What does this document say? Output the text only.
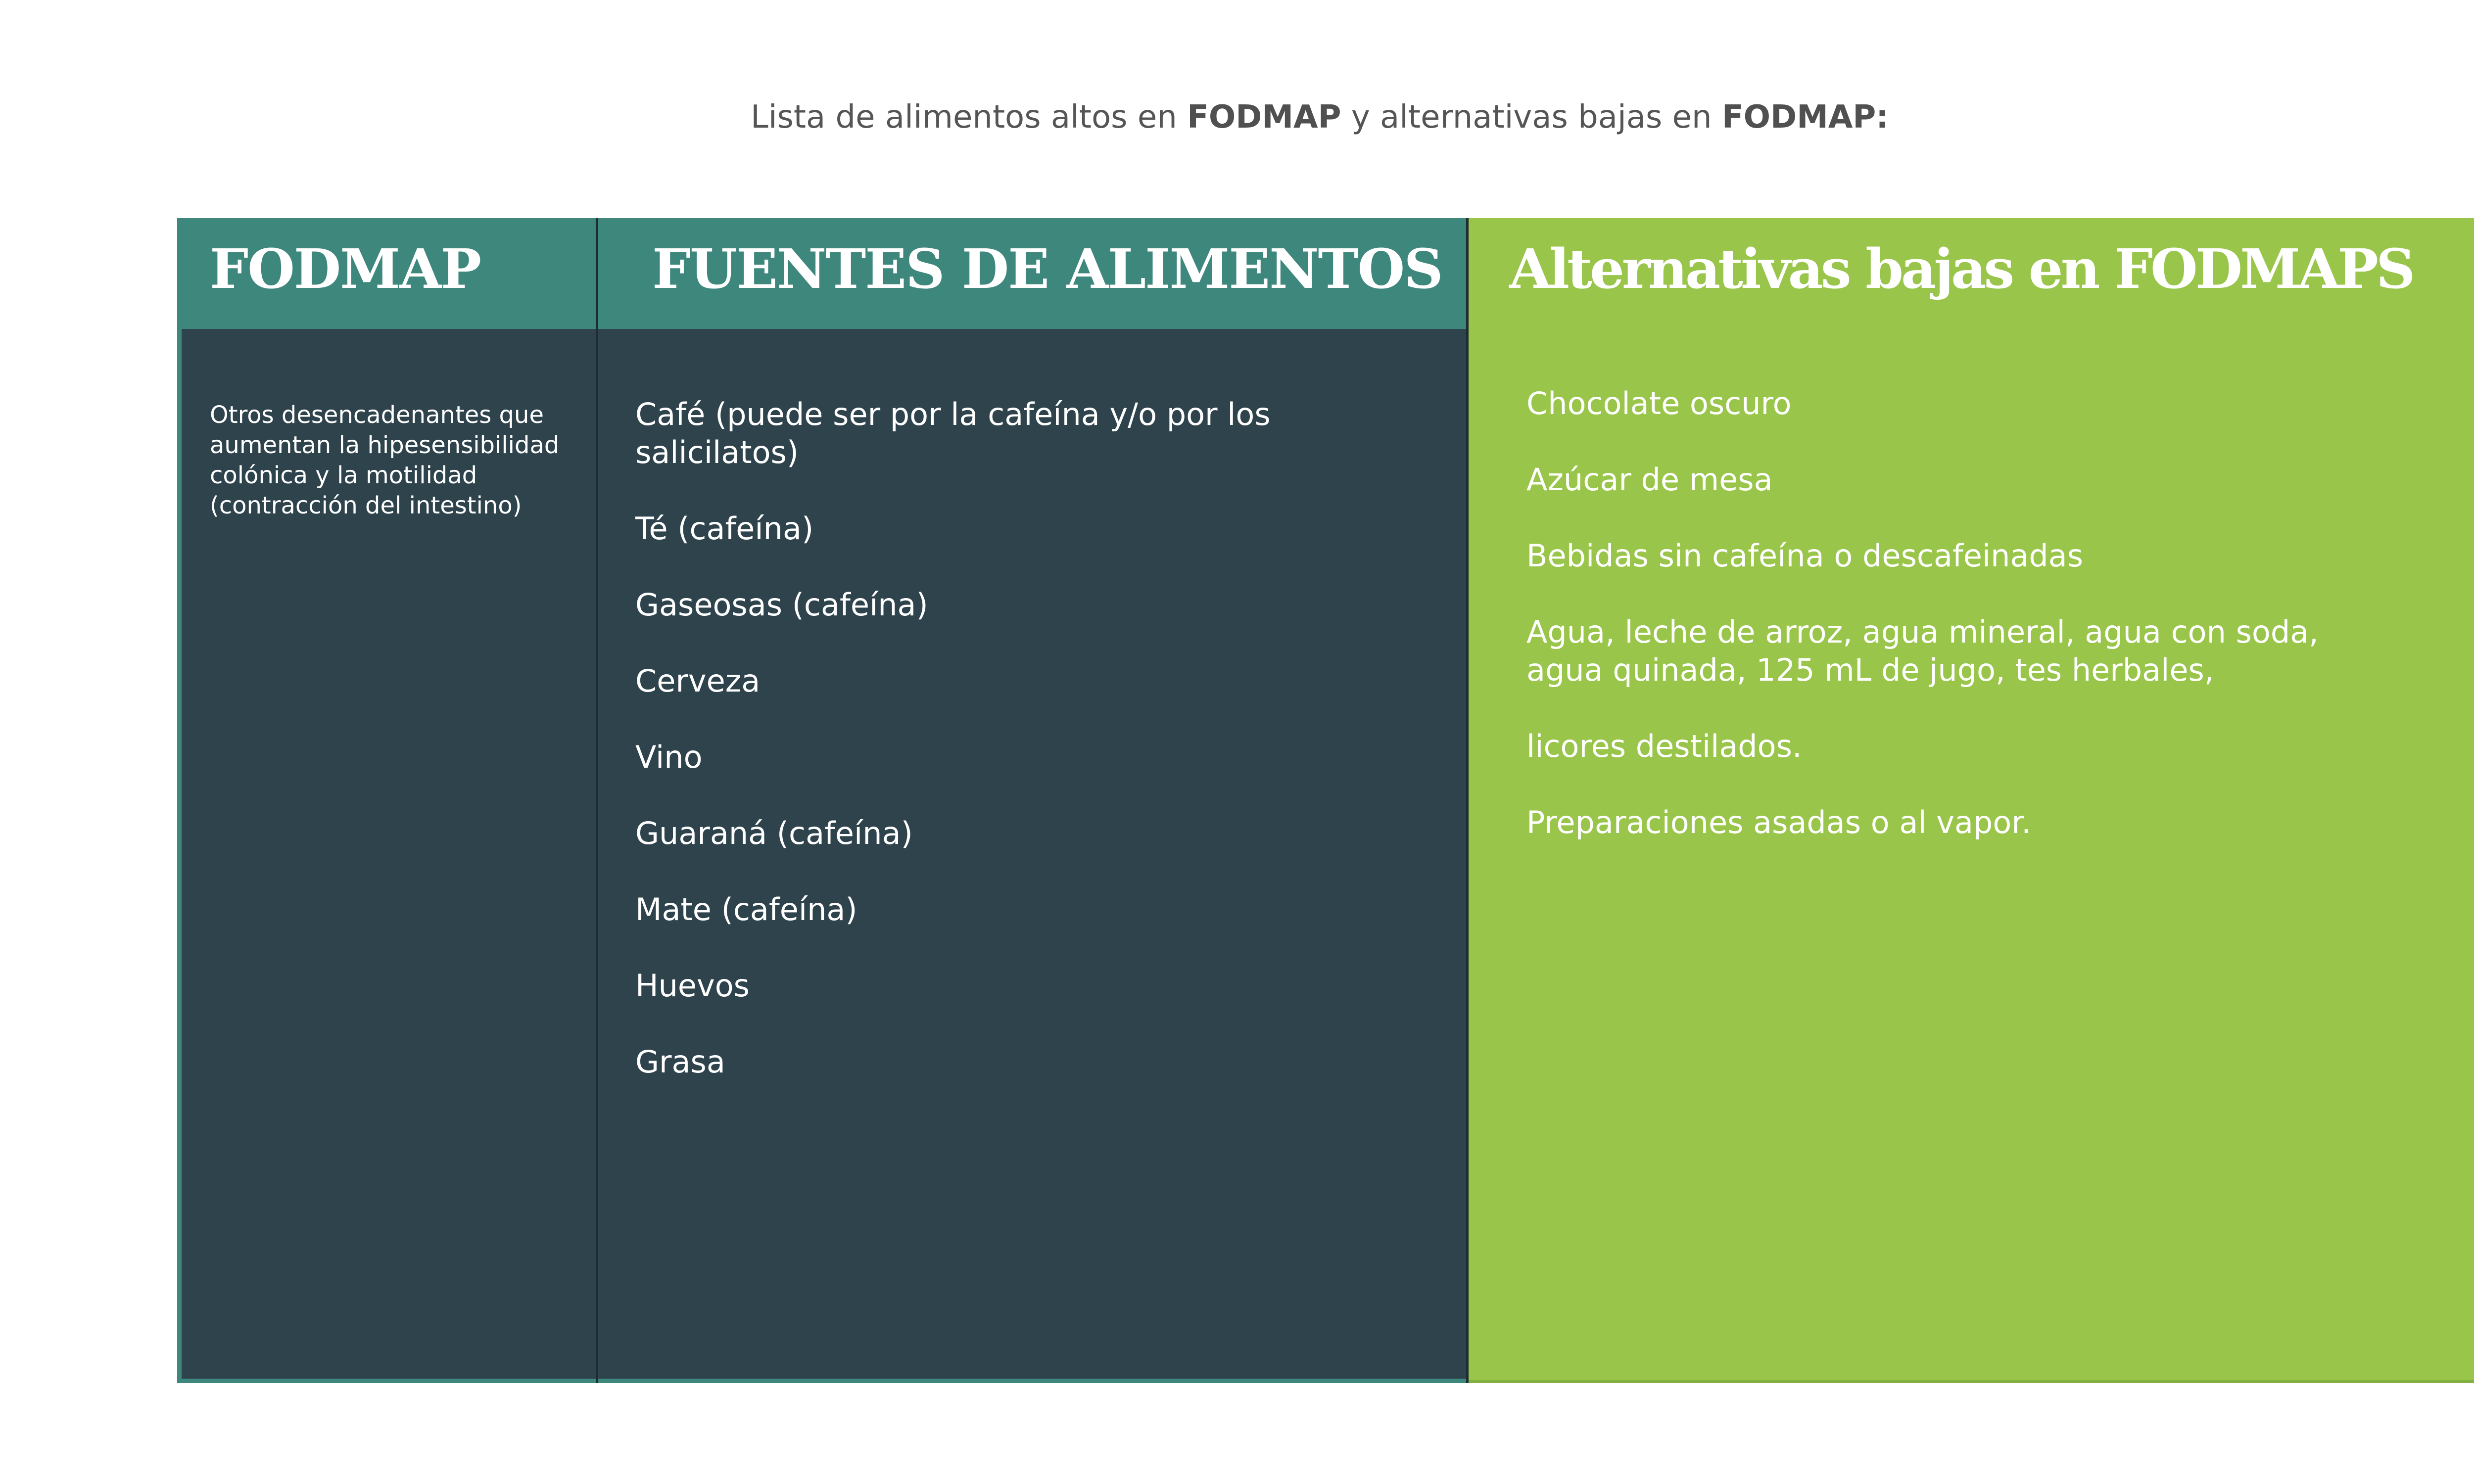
Lista de alimentos altos en FODMAP y alternativas bajas en FODMAP:
FODMAP	FUENTES DE ALIMENTOS Alternativas bajas en FODMAPS
Otros desencadenantes que aumentan la hipesensibilidad colónica y la motilidad (contracción del intestino)
Café (puede ser por la cafeína y/o por los salicilatos)
Té (cafeína)
Gaseosas (cafeína)
Cerveza
Vino
Guaraná (cafeína)
Mate (cafeína)
Huevos
Grasa
Chocolate oscuro
Azúcar de mesa
Bebidas sin cafeína o descafeinadas
Agua, leche de arroz, agua mineral, agua con soda, agua quinada, 125 mL de jugo, tes herbales,
licores destilados.
Preparaciones asadas o al vapor.
